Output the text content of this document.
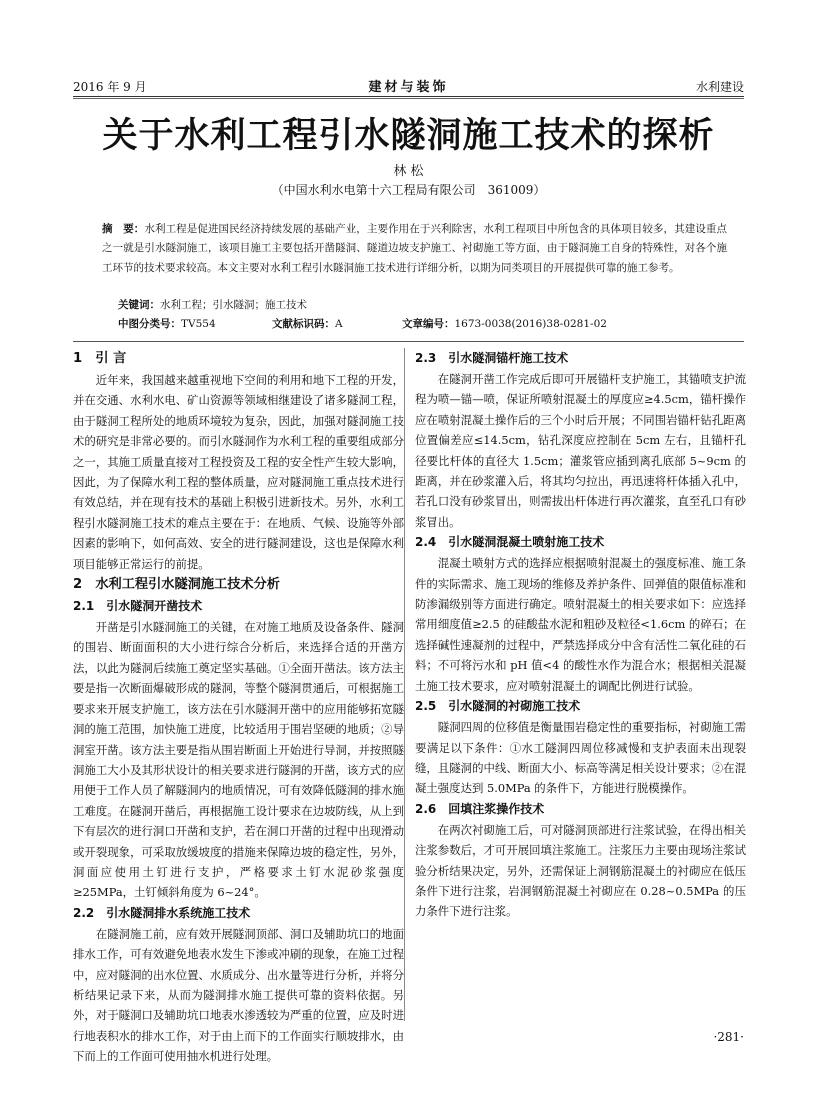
2016 年 9 月	建材与装饰	水利建设
关于水利工程引水隧洞施工技术的探析
林 松
（中国水利水电第十六工程局有限公司　361009）
摘　要：水利工程是促进国民经济持续发展的基础产业，主要作用在于兴利除害，水利工程项目中所包含的具体项目较多，其建设重点之一就是引水隧洞施工，该项目施工主要包括开凿隧洞、隧道边坡支护施工、衬砌施工等方面，由于隧洞施工自身的特殊性，对各个施工环节的技术要求较高。本文主要对水利工程引水隧洞施工技术进行详细分析，以期为同类项目的开展提供可靠的施工参考。
关键词：水利工程；引水隧洞；施工技术
中图分类号：TV554	文献标识码：A	文章编号：1673-0038(2016)38-0281-02
1　引 言

近年来，我国越来越重视地下空间的利用和地下工程的开发，并在交通、水利水电、矿山资源等领域相继建设了诸多隧洞工程，由于隧洞工程所处的地质环境较为复杂，因此，加强对隧洞施工技术的研究是非常必要的。而引水隧洞作为水利工程的重要组成部分之一，其施工质量直接对工程投资及工程的安全性产生较大影响，因此，为了保障水利工程的整体质量，应对隧洞施工重点技术进行有效总结，并在现有技术的基础上积极引进新技术。另外，水利工程引水隧洞施工技术的难点主要在于：在地质、气候、设施等外部因素的影响下，如何高效、安全的进行隧洞建设，这也是保障水利项目能够正常运行的前提。

2　水利工程引水隧洞施工技术分析
2.1　引水隧洞开凿技术

开凿是引水隧洞施工的关键，在对施工地质及设备条件、隧洞的围岩、断面面积的大小进行综合分析后，来选择合适的开凿方法，以此为隧洞后续施工奠定坚实基础。①全面开凿法。该方法主要是指一次断面爆破形成的隧洞，等整个隧洞贯通后，可根据施工要求来开展支护施工，该方法在引水隧洞开凿中的应用能够拓宽隧洞的施工范围，加快施工进度，比较适用于围岩坚硬的地质；②导洞室开凿。该方法主要是指从围岩断面上开始进行导洞，并按照隧洞施工大小及其形状设计的相关要求进行隧洞的开凿，该方式的应用便于工作人员了解隧洞内的地质情况，可有效降低隧洞的排水施工难度。在隧洞开凿后，再根据施工设计要求在边坡防线，从上到下有层次的进行洞口开凿和支护，若在洞口开凿的过程中出现滑动或开裂现象，可采取放缓坡度的措施来保障边坡的稳定性，另外，洞面应使用土钉进行支护，严格要求土钉水泥砂浆强度≥25MPa，土钉倾斜角度为 6~24°。

2.2　引水隧洞排水系统施工技术

在隧洞施工前，应有效开展隧洞顶部、洞口及辅助坑口的地面排水工作，可有效避免地表水发生下渗或冲刷的现象，在施工过程中，应对隧洞的出水位置、水质成分、出水量等进行分析，并将分析结果记录下来，从而为隧洞排水施工提供可靠的资料依据。另外，对于隧洞口及辅助坑口地表水渗透较为严重的位置，应及时进行地表积水的排水工作，对于由上而下的工作面实行顺坡排水，由下而上的工作面可使用抽水机进行处理。

2.3　引水隧洞锚杆施工技术

在隧洞开凿工作完成后即可开展锚杆支护施工，其锚喷支护流程为喷—锚—喷，保证所喷射混凝土的厚度应≥4.5cm，锚杆操作应在喷射混凝土操作后的三个小时后开展；不同围岩锚杆钻孔距离位置偏差应≤14.5cm，钻孔深度应控制在 5cm 左右，且锚杆孔径要比杆体的直径大 1.5cm；灌浆管应插到离孔底部 5~9cm 的距离，并在砂浆灌入后，将其均匀拉出，再迅速将杆体插入孔中，若孔口没有砂浆冒出，则需拔出杆体进行再次灌浆，直至孔口有砂浆冒出。

2.4　引水隧洞混凝土喷射施工技术

混凝土喷射方式的选择应根据喷射混凝土的强度标准、施工条件的实际需求、施工现场的维修及养护条件、回弹值的限值标准和防渗漏级别等方面进行确定。喷射混凝土的相关要求如下：应选择常用细度值≥2.5 的硅酸盐水泥和粗砂及粒径<1.6cm 的碎石；在选择碱性速凝剂的过程中，严禁选择成分中含有活性二氧化硅的石料；不可将污水和 pH 值<4 的酸性水作为混合水；根据相关混凝土施工技术要求，应对喷射混凝土的调配比例进行试验。

2.5　引水隧洞的衬砌施工技术

隧洞四周的位移值是衡量围岩稳定性的重要指标，衬砌施工需要满足以下条件：①水工隧洞四周位移减慢和支护表面未出现裂缝，且隧洞的中线、断面大小、标高等满足相关设计要求；②在混凝土强度达到 5.0MPa 的条件下，方能进行脱模操作。

2.6　回填注浆操作技术

在两次衬砌施工后，可对隧洞顶部进行注浆试验，在得出相关注浆参数后，才可开展回填注浆施工。注浆压力主要由现场注浆试验分析结果决定，另外，还需保证上洞钢筋混凝土的衬砌应在低压条件下进行注浆，岩洞钢筋混凝土衬砌应在 0.28~0.5MPa 的压力条件下进行注浆。

·281·
